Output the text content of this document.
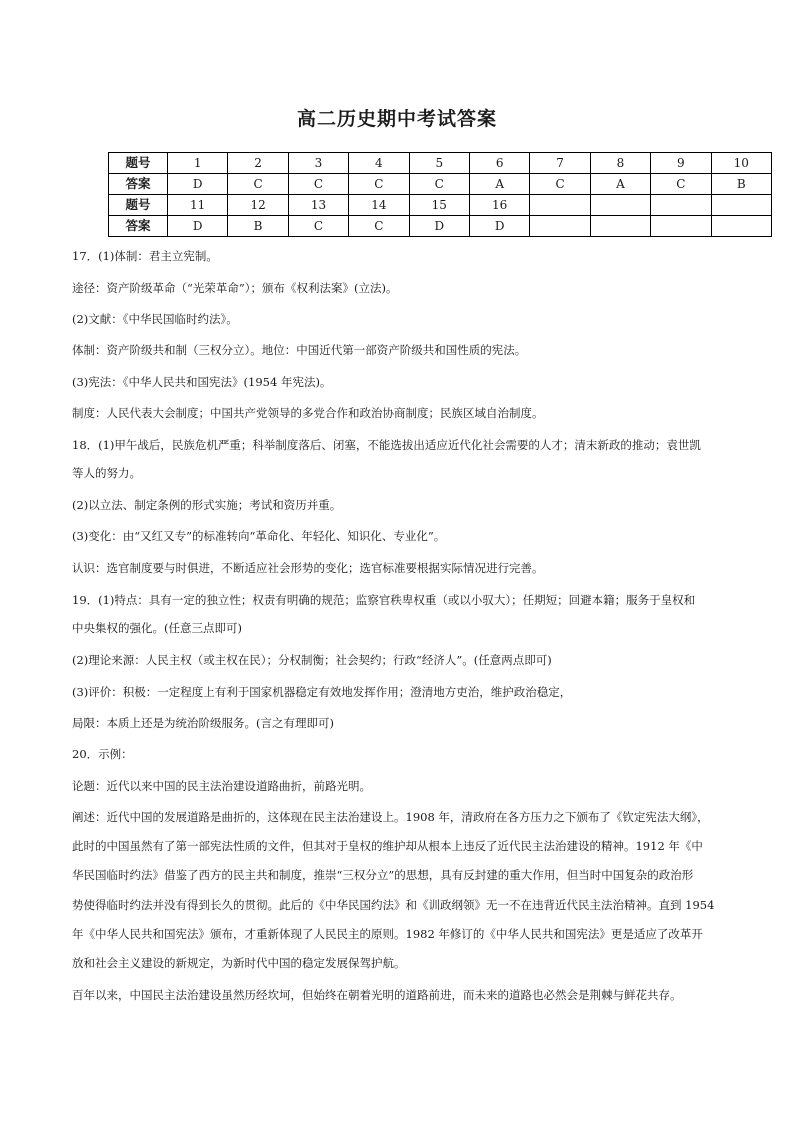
高二历史期中考试答案
题号	1	2	3	4	5	6	7	8	9	10
答案	D	C	C	C	C	A	C	A	C	B
题号	11	12	13	14	15	16				
答案	D	B	C	C	D	D				
17．(1)体制：君主立宪制。
途径：资产阶级革命（“光荣革命”）；颁布《权利法案》(立法)。
(2)文献：《中华民国临时约法》。
体制：资产阶级共和制（三权分立）。地位：中国近代第一部资产阶级共和国性质的宪法。
(3)宪法：《中华人民共和国宪法》(1954 年宪法)。
制度：人民代表大会制度；中国共产党领导的多党合作和政治协商制度；民族区域自治制度。
18．(1)甲午战后，民族危机严重；科举制度落后、闭塞，不能选拔出适应近代化社会需要的人才；清末新政的推动；袁世凯
等人的努力。
(2)以立法、制定条例的形式实施；考试和资历并重。
(3)变化：由“又红又专”的标准转向“革命化、年轻化、知识化、专业化”。
认识：选官制度要与时俱进，不断适应社会形势的变化；选官标准要根据实际情况进行完善。
19．(1)特点：具有一定的独立性；权责有明确的规范；监察官秩卑权重（或以小驭大）；任期短；回避本籍；服务于皇权和
中央集权的强化。(任意三点即可)
(2)理论来源：人民主权（或主权在民）；分权制衡；社会契约；行政“经济人”。(任意两点即可)
(3)评价：积极：一定程度上有利于国家机器稳定有效地发挥作用；澄清地方吏治，维护政治稳定，
局限：本质上还是为统治阶级服务。(言之有理即可)
20．示例：
论题：近代以来中国的民主法治建设道路曲折，前路光明。
阐述：近代中国的发展道路是曲折的，这体现在民主法治建设上。1908 年，清政府在各方压力之下颁布了《钦定宪法大纲》，
此时的中国虽然有了第一部宪法性质的文件，但其对于皇权的维护却从根本上违反了近代民主法治建设的精神。1912 年《中
华民国临时约法》借鉴了西方的民主共和制度，推崇“三权分立”的思想，具有反封建的重大作用，但当时中国复杂的政治形
势使得临时约法并没有得到长久的贯彻。此后的《中华民国约法》和《训政纲领》无一不在违背近代民主法治精神。直到 1954
年《中华人民共和国宪法》颁布，才重新体现了人民民主的原则。1982 年修订的《中华人民共和国宪法》更是适应了改革开
放和社会主义建设的新规定，为新时代中国的稳定发展保驾护航。
百年以来，中国民主法治建设虽然历经坎坷，但始终在朝着光明的道路前进，而未来的道路也必然会是荆棘与鲜花共存。
